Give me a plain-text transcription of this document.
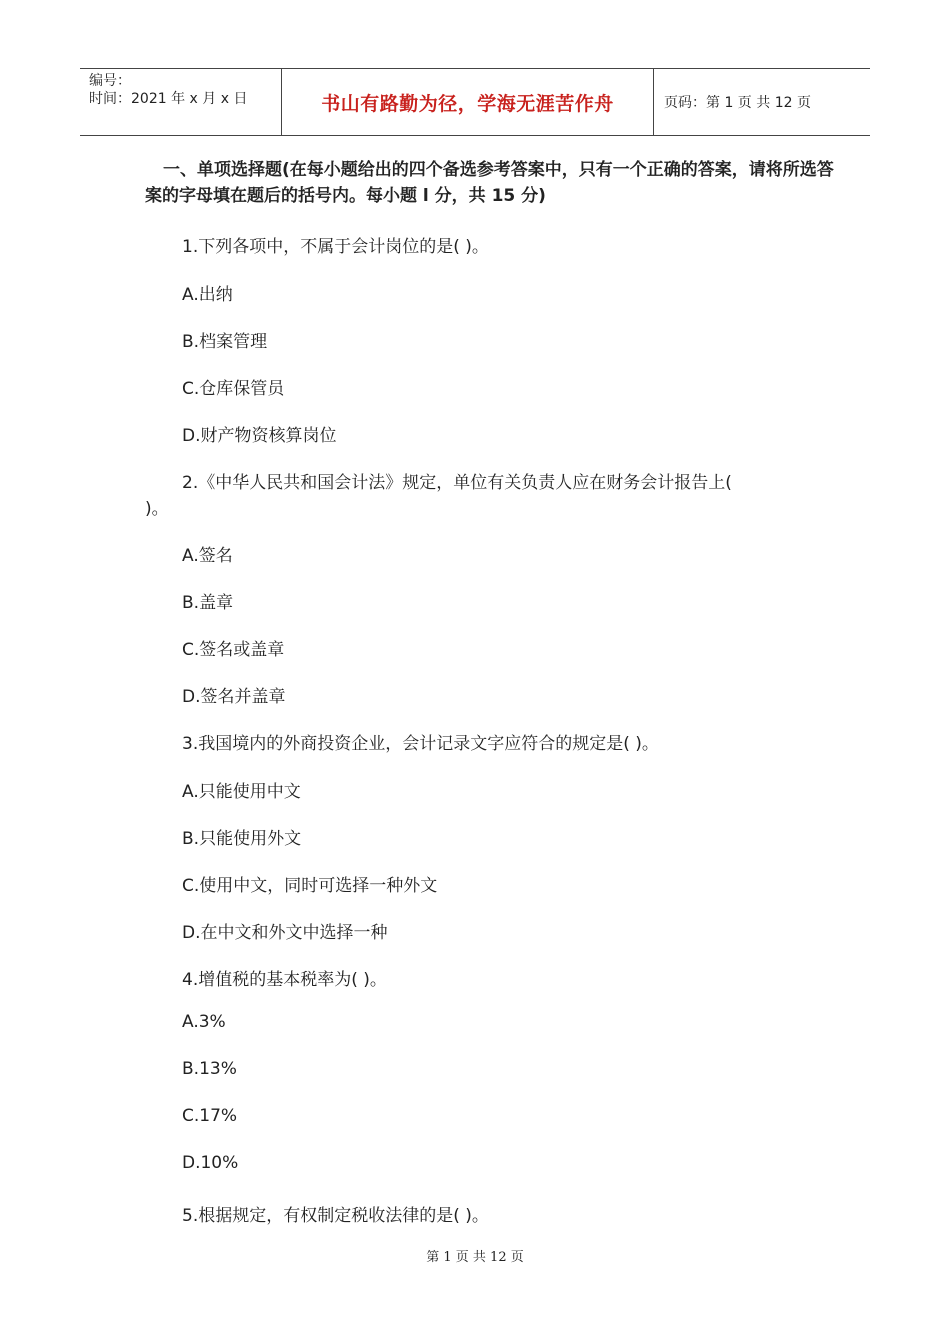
编号：
时间：2021 年 x 月 x 日	书山有路勤为径，学海无涯苦作舟	页码：第 1 页 共 12 页
一、单项选择题(在每小题给出的四个备选参考答案中，只有一个正确的答案，请将所选答案的字母填在题后的括号内。每小题 l 分，共 15 分)
1.下列各项中，不属于会计岗位的是( )。
A.出纳
B.档案管理
C.仓库保管员
D.财产物资核算岗位
2.《中华人民共和国会计法》规定，单位有关负责人应在财务会计报告上(
)。
A.签名
B.盖章
C.签名或盖章
D.签名并盖章
3.我国境内的外商投资企业，会计记录文字应符合的规定是( )。
A.只能使用中文
B.只能使用外文
C.使用中文，同时可选择一种外文
D.在中文和外文中选择一种
4.增值税的基本税率为( )。
A.3%
B.13%
C.17%
D.10%
5.根据规定，有权制定税收法律的是( )。
第 1 页 共 12 页
